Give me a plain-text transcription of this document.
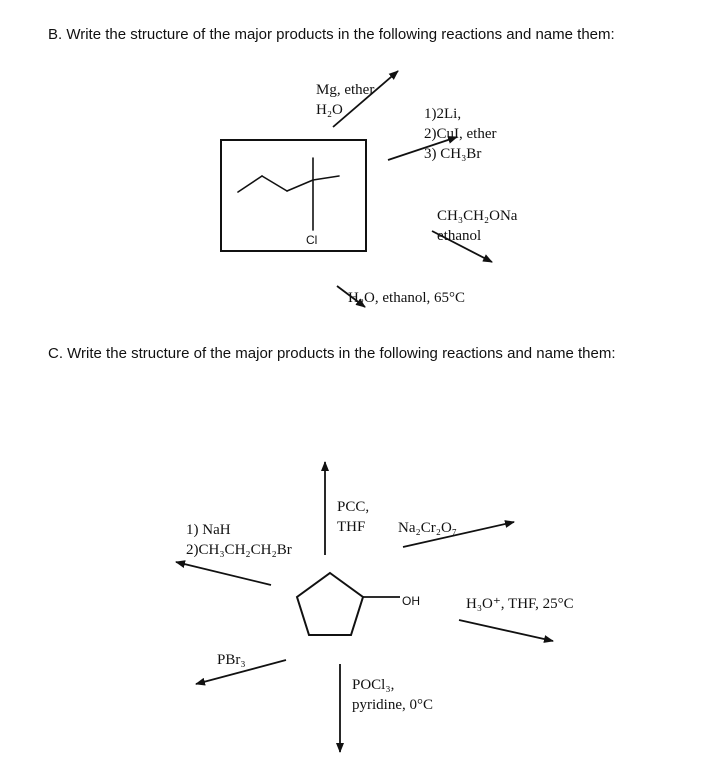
B. Write the structure of the major products in the following reactions and name them:
C. Write the structure of the major products in the following reactions and name them:
Mg, ether
H₂O	1)2Li,
2)CuI, ether
3) CH₃Br
CH₃CH₂ONa
ethanol
H₂O, ethanol, 65°C
PCC,
THF Na₂Cr₂O₇
1) NaH
2)CH₃CH₂CH₂Br
H₃O⁺, THF, 25°C
PBr₃
POCl₃,
pyridine, 0°C
Cl
OH
